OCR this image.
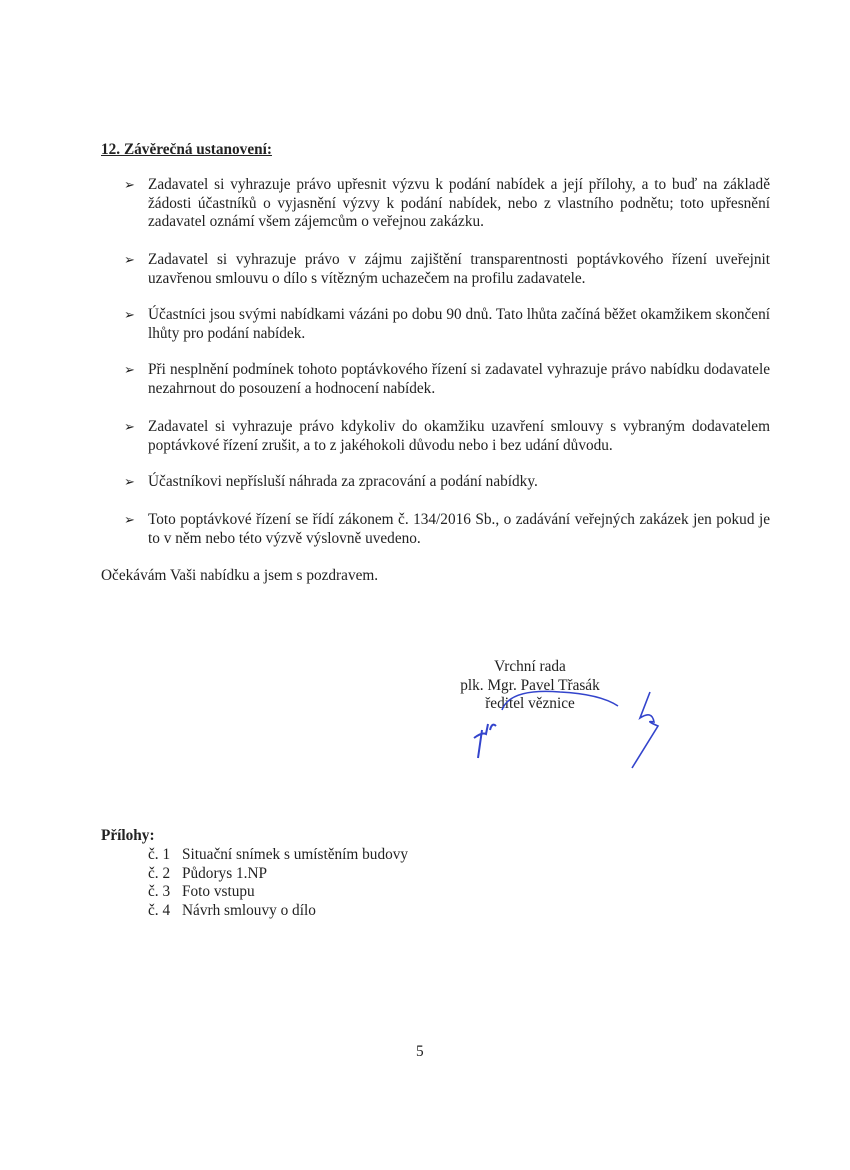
12. Závěrečná ustanovení:
➢ Zadavatel si vyhrazuje právo upřesnit výzvu k podání nabídek a její přílohy, a to buď na základě žádosti účastníků o vyjasnění výzvy k podání nabídek, nebo z vlastního podnětu; toto upřesnění zadavatel oznámí všem zájemcům o veřejnou zakázku.
➢ Zadavatel si vyhrazuje právo v zájmu zajištění transparentnosti poptávkového řízení uveřejnit uzavřenou smlouvu o dílo s vítězným uchazečem na profilu zadavatele.
➢ Účastníci jsou svými nabídkami vázáni po dobu 90 dnů. Tato lhůta začíná běžet okamžikem skončení lhůty pro podání nabídek.
➢ Při nesplnění podmínek tohoto poptávkového řízení si zadavatel vyhrazuje právo nabídku dodavatele nezahrnout do posouzení a hodnocení nabídek.
➢ Zadavatel si vyhrazuje právo kdykoliv do okamžiku uzavření smlouvy s vybraným dodavatelem poptávkové řízení zrušit, a to z jakéhokoli důvodu nebo i bez udání důvodu.
➢ Účastníkovi nepřísluší náhrada za zpracování a podání nabídky.
➢ Toto poptávkové řízení se řídí zákonem č. 134/2016 Sb., o zadávání veřejných zakázek jen pokud je to v něm nebo této výzvě výslovně uvedeno.
Očekávám Vaši nabídku a jsem s pozdravem.
Vrchní rada
plk. Mgr. Pavel Třasák
ředitel věznice
Přílohy:
č. 1 Situační snímek s umístěním budovy
č. 2 Půdorys 1.NP
č. 3 Foto vstupu
č. 4 Návrh smlouvy o dílo
5
